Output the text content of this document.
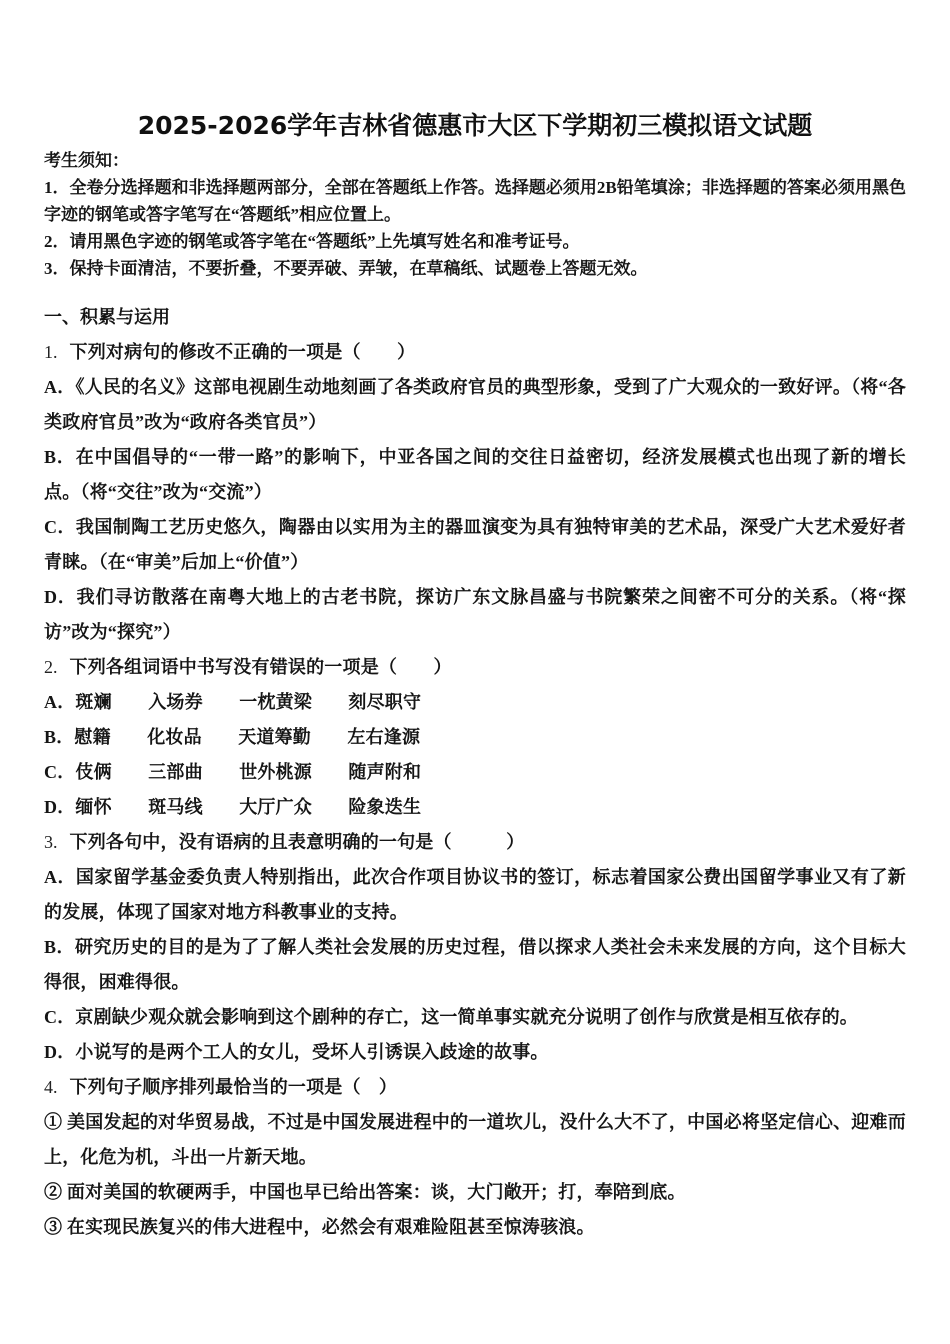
2025-2026学年吉林省德惠市大区下学期初三模拟语文试题

考生须知：

1．全卷分选择题和非选择题两部分，全部在答题纸上作答。选择题必须用2B铅笔填涂；非选择题的答案必须用黑色字迹的钢笔或答字笔写在“答题纸”相应位置上。

2．请用黑色字迹的钢笔或答字笔在“答题纸”上先填写姓名和准考证号。

3．保持卡面清洁，不要折叠，不要弄破、弄皱，在草稿纸、试题卷上答题无效。

一、积累与运用

1. 下列对病句的修改不正确的一项是（　　）

A．《人民的名义》这部电视剧生动地刻画了各类政府官员的典型形象，受到了广大观众的一致好评。（将“各类政府官员”改为“政府各类官员”）

B．在中国倡导的“一带一路”的影响下，中亚各国之间的交往日益密切，经济发展模式也出现了新的增长点。（将“交往”改为“交流”）

C．我国制陶工艺历史悠久，陶器由以实用为主的器皿演变为具有独特审美的艺术品，深受广大艺术爱好者青睐。（在“审美”后加上“价值”）

D．我们寻访散落在南粤大地上的古老书院，探访广东文脉昌盛与书院繁荣之间密不可分的关系。（将“探访”改为“探究”）

2. 下列各组词语中书写没有错误的一项是（　　）

A．斑斓　　入场券　　一枕黄梁　　刻尽职守

B．慰籍　　化妆品　　天道筹勤　　左右逢源

C．伎俩　　三部曲　　世外桃源　　随声附和

D．缅怀　　斑马线　　大厅广众　　险象迭生

3. 下列各句中，没有语病的且表意明确的一句是（　　　）

A．国家留学基金委负责人特别指出，此次合作项目协议书的签订，标志着国家公费出国留学事业又有了新的发展，体现了国家对地方科教事业的支持。

B．研究历史的目的是为了了解人类社会发展的历史过程，借以探求人类社会未来发展的方向，这个目标大得很，困难得很。

C．京剧缺少观众就会影响到这个剧种的存亡，这一简单事实就充分说明了创作与欣赏是相互依存的。

D．小说写的是两个工人的女儿，受坏人引诱误入歧途的故事。

4. 下列句子顺序排列最恰当的一项是（　）

① 美国发起的对华贸易战，不过是中国发展进程中的一道坎儿，没什么大不了，中国必将坚定信心、迎难而上，化危为机，斗出一片新天地。

② 面对美国的软硬两手，中国也早已给出答案：谈，大门敞开；打，奉陪到底。

③ 在实现民族复兴的伟大进程中，必然会有艰难险阻甚至惊涛骇浪。
